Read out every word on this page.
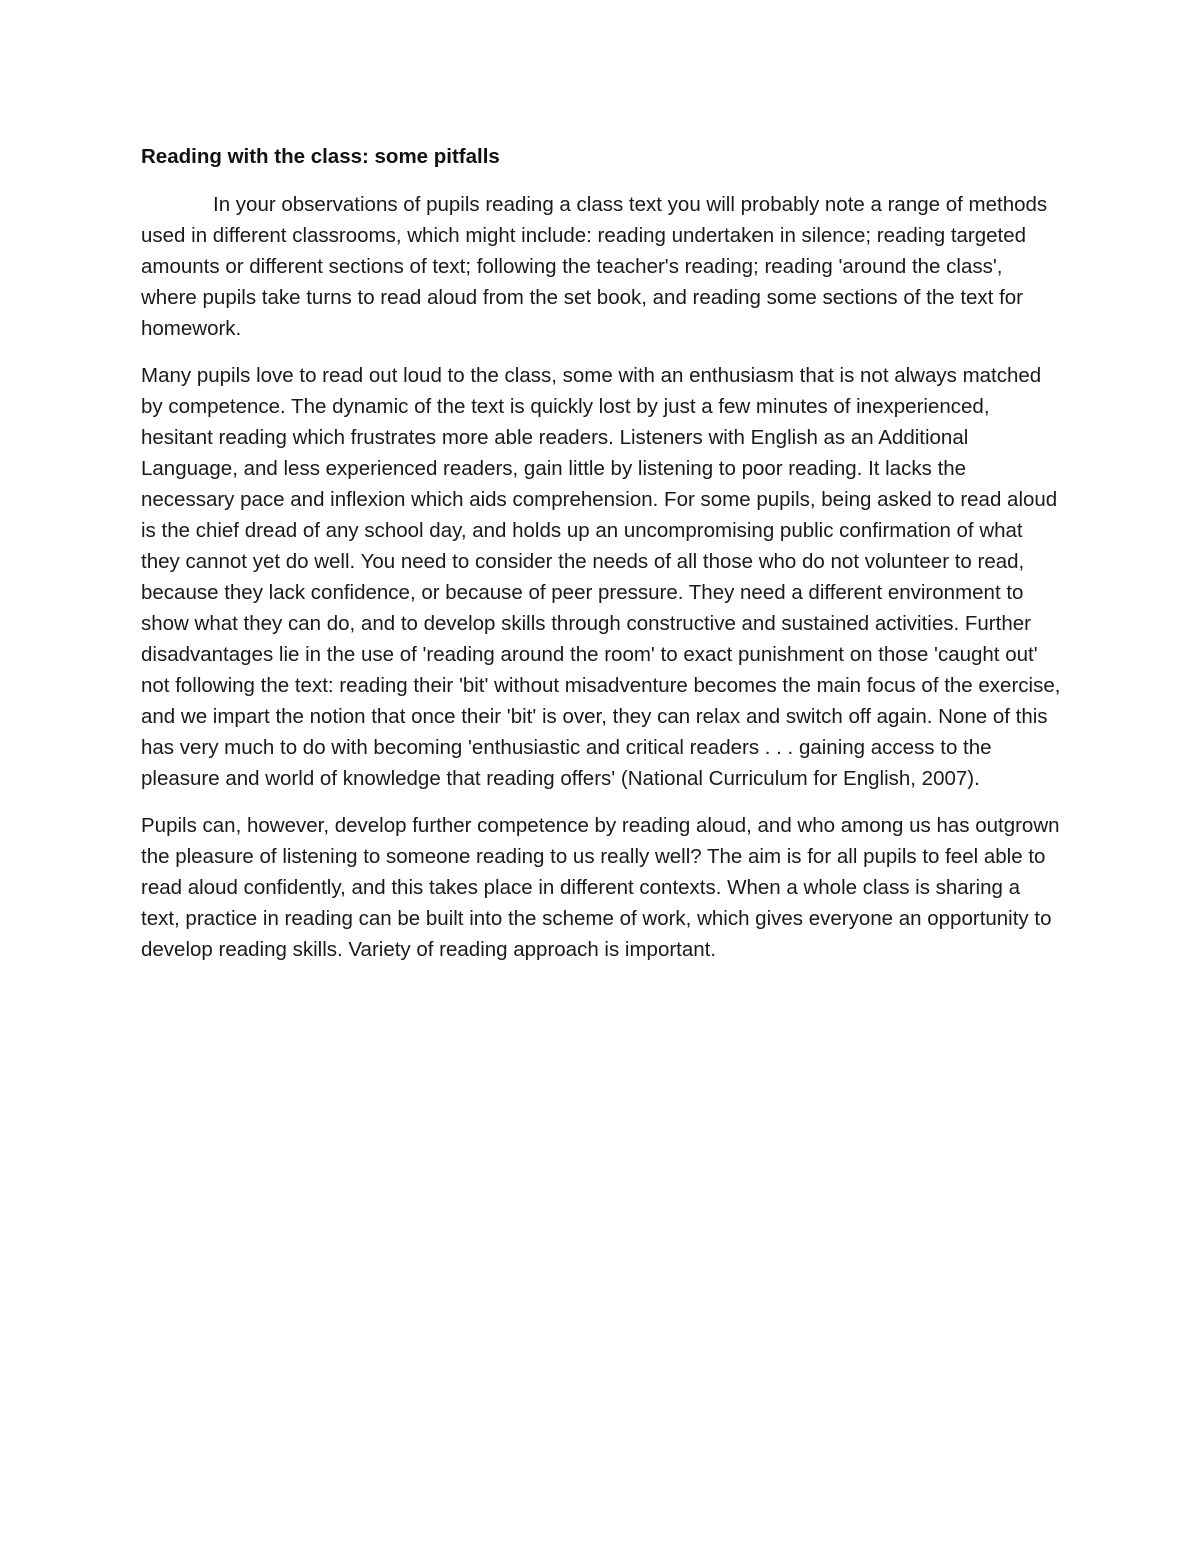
Reading with the class: some pitfalls

In your observations of pupils reading a class text you will probably note a range of methods used in different classrooms, which might include: reading undertaken in silence; reading targeted amounts or different sections of text; following the teacher's reading; reading 'around the class', where pupils take turns to read aloud from the set book, and reading some sections of the text for homework.

Many pupils love to read out loud to the class, some with an enthusiasm that is not always matched by competence. The dynamic of the text is quickly lost by just a few minutes of inexperienced, hesitant reading which frustrates more able readers. Listeners with English as an Additional Language, and less experienced readers, gain little by listening to poor reading. It lacks the necessary pace and inflexion which aids comprehension. For some pupils, being asked to read aloud is the chief dread of any school day, and holds up an uncompromising public confirmation of what they cannot yet do well. You need to consider the needs of all those who do not volunteer to read, because they lack confidence, or because of peer pressure. They need a different environment to show what they can do, and to develop skills through constructive and sustained activities. Further disadvantages lie in the use of 'reading around the room' to exact punishment on those 'caught out' not following the text: reading their 'bit' without misadventure becomes the main focus of the exercise, and we impart the notion that once their 'bit' is over, they can relax and switch off again. None of this has very much to do with becoming 'enthusiastic and critical readers . . . gaining access to the pleasure and world of knowledge that reading offers' (National Curriculum for English, 2007).

Pupils can, however, develop further competence by reading aloud, and who among us has outgrown the pleasure of listening to someone reading to us really well? The aim is for all pupils to feel able to read aloud confidently, and this takes place in different contexts. When a whole class is sharing a text, practice in reading can be built into the scheme of work, which gives everyone an opportunity to develop reading skills. Variety of reading approach is important.
